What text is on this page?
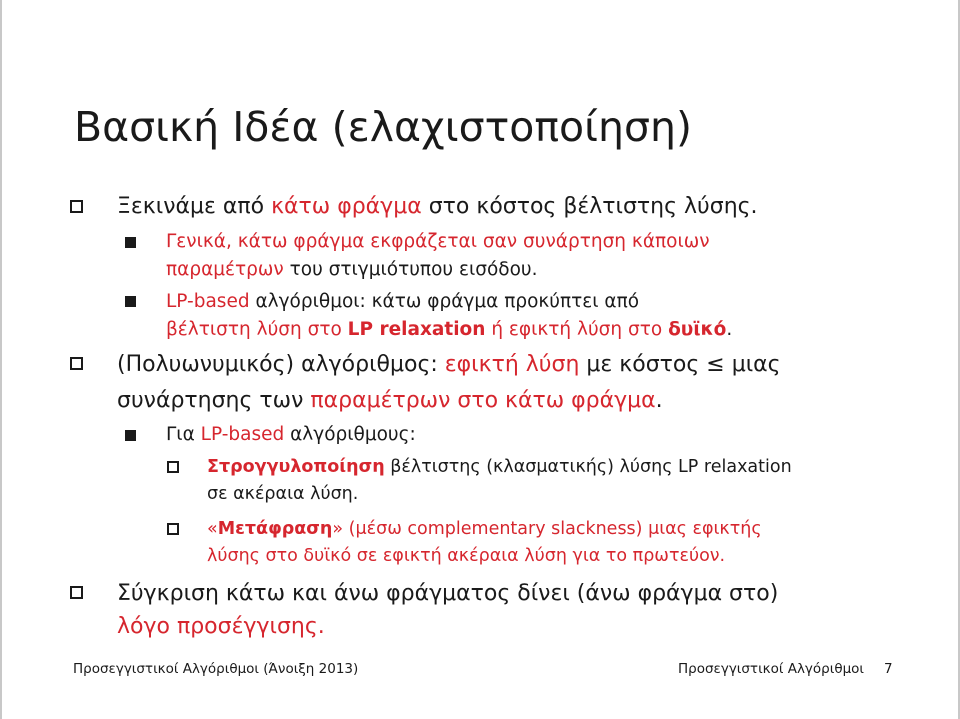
Βασική Ιδέα (ελαχιστοποίηση)
Ξεκινάμε από κάτω φράγμα στο κόστος βέλτιστης λύσης.
Γενικά, κάτω φράγμα εκφράζεται σαν συνάρτηση κάποιων
παραμέτρων του στιγμιότυπου εισόδου.
LP-based αλγόριθμοι: κάτω φράγμα προκύπτει από
βέλτιστη λύση στο LP relaxation ή εφικτή λύση στο δυϊκό.
(Πολυωνυμικός) αλγόριθμος: εφικτή λύση με κόστος ≤ μιας
συνάρτησης των παραμέτρων στο κάτω φράγμα.
Για LP-based αλγόριθμους:
Στρογγυλοποίηση βέλτιστης (κλασματικής) λύσης LP relaxation
σε ακέραια λύση.
«Μετάφραση» (μέσω complementary slackness) μιας εφικτής
λύσης στο δυϊκό σε εφικτή ακέραια λύση για το πρωτεύον.
Σύγκριση κάτω και άνω φράγματος δίνει (άνω φράγμα στο)
λόγο προσέγγισης.
Προσεγγιστικοί Αλγόριθμοι (Άνοιξη 2013)	Προσεγγιστικοί Αλγόριθμοι 7
